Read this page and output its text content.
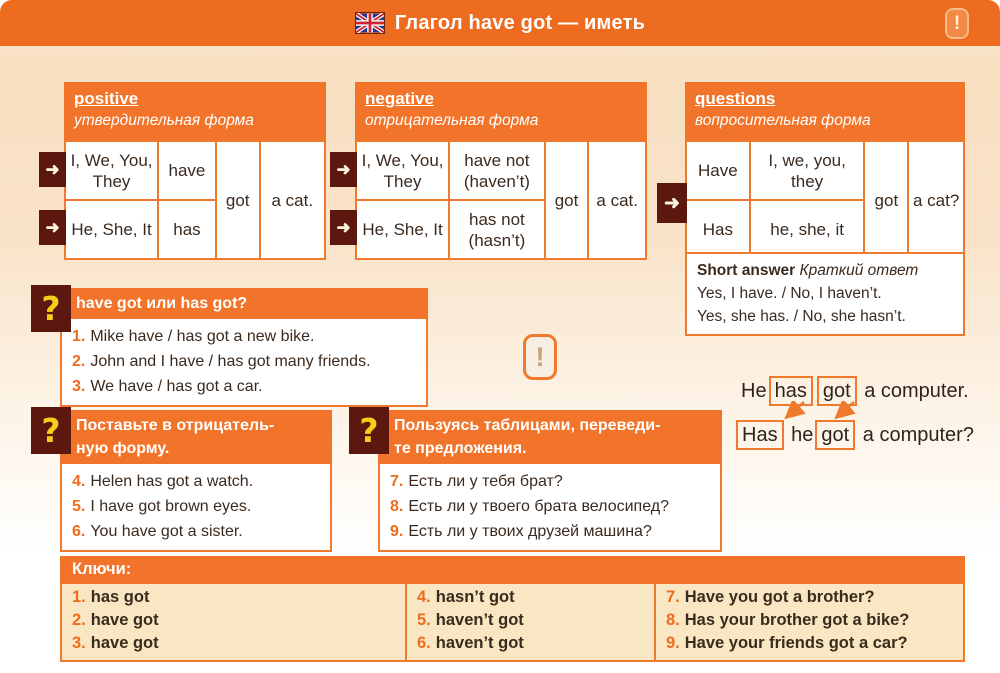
Глагол have got — иметь	!
positive
утвердительная форма
I, We, You, They	have	got	a cat.
He, She, It	has		
➜
➜
negative
отрицательная форма
I, We, You, They	have not (haven’t)	got	a cat.
He, She, It	has not (hasn’t)		
➜
➜
questions
вопросительная форма
Have	I, we, you, they	got	a cat?
Has	he, she, it		
➜
Short answer Краткий ответ
Yes, I have. / No, I haven’t.
Yes, she has. / No, she hasn’t.
? have got или has got?
1. Mike have / has got a new bike.
2. John and I have / has got many friends.
3. We have / has got a car.
!
? Поставьте в отрицатель-
ную форму.
4. Helen has got a watch.
5. I have got brown eyes.
6. You have got a sister.
? Пользуясь таблицами, переведи-
те предложения.
7. Есть ли у тебя брат?
8. Есть ли у твоего брата велосипед?
9. Есть ли у твоих друзей машина?
He has got a computer.
Has he got a computer?
Ключи:
1. has got
2. have got
3. have got
4. hasn’t got
5. haven’t got
6. haven’t got
7. Have you got a brother?
8. Has your brother got a bike?
9. Have your friends got a car?
